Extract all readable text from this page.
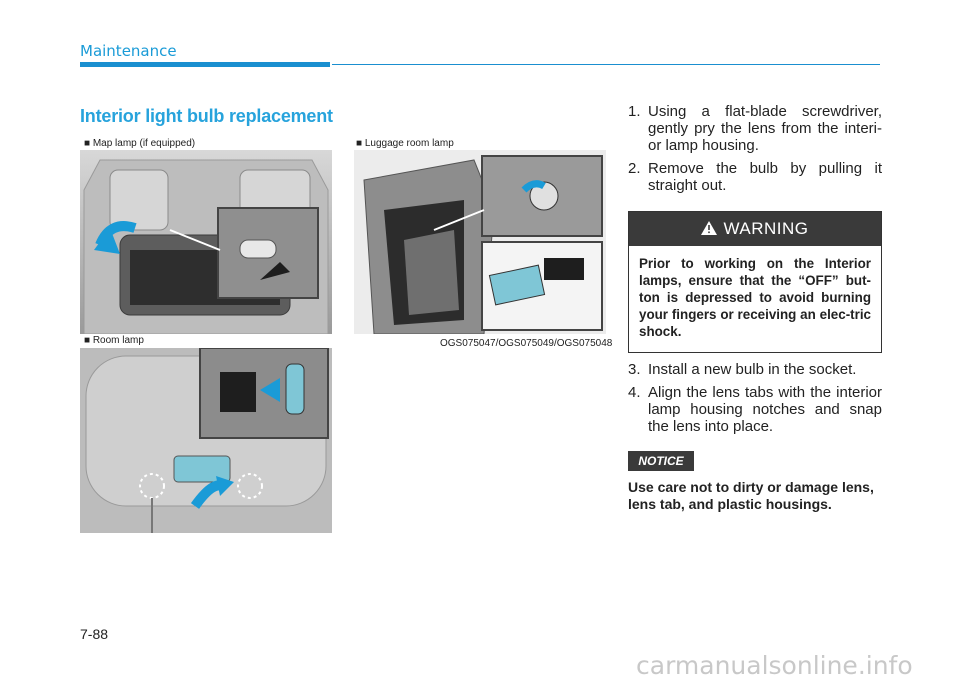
Maintenance
Interior light bulb replacement
■ Map lamp (if equipped)	■ Luggage room lamp
OGS075047/OGS075049/OGS075048
■ Room lamp
1. Using a flat-blade screwdriver, gently pry the lens from the interi-or lamp housing.
2. Remove the bulb by pulling it straight out.
WARNING
Prior to working on the Interior lamps, ensure that the “OFF” but-ton is depressed to avoid burning your fingers or receiving an elec-tric shock.
3. Install a new bulb in the socket.
4. Align the lens tabs with the interior lamp housing notches and snap the lens into place.
NOTICE
Use care not to dirty or damage lens, lens tab, and plastic housings.
7-88
carmanualsonline.info
